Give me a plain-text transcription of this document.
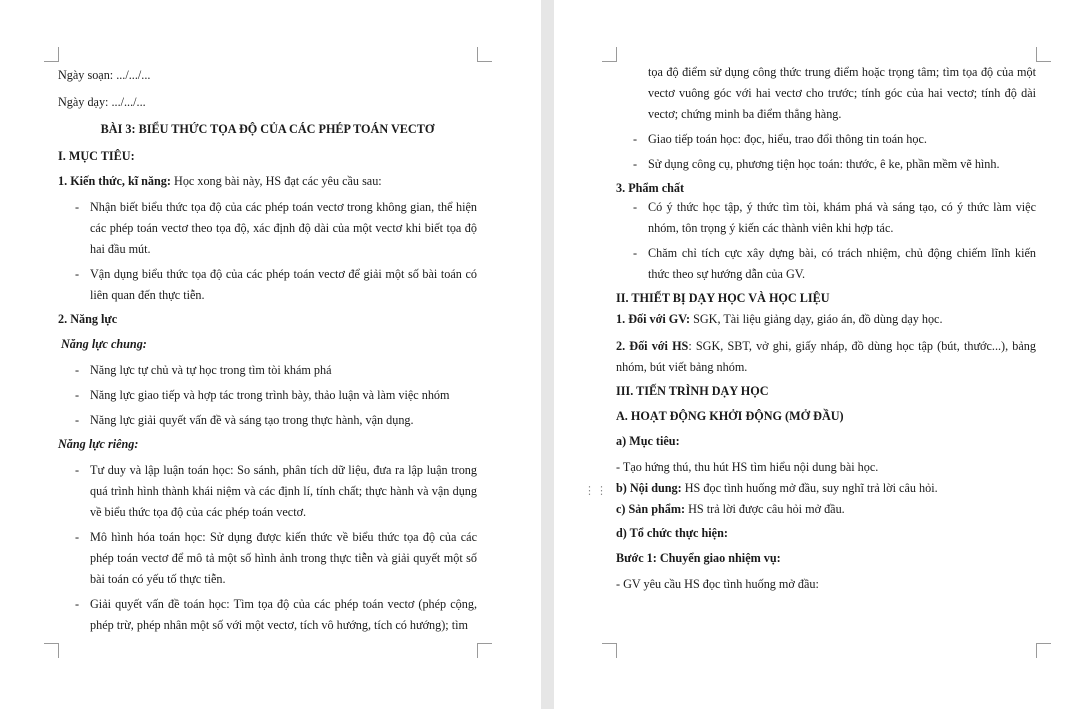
Ngày soạn: .../.../...

Ngày dạy: .../.../...

BÀI 3: BIỂU THỨC TỌA ĐỘ CỦA CÁC PHÉP TOÁN VECTƠ

I. MỤC TIÊU:

1. Kiến thức, kĩ năng: Học xong bài này, HS đạt các yêu cầu sau:

- Nhận biết biểu thức tọa độ của các phép toán vectơ trong không gian, thể hiện các phép toán vectơ theo tọa độ, xác định độ dài của một vectơ khi biết tọa độ hai đầu mút.
- Vận dụng biểu thức tọa độ của các phép toán vectơ để giải một số bài toán có liên quan đến thực tiễn.

2. Năng lực

Năng lực chung:

- Năng lực tự chủ và tự học trong tìm tòi khám phá
- Năng lực giao tiếp và hợp tác trong trình bày, thảo luận và làm việc nhóm
- Năng lực giải quyết vấn đề và sáng tạo trong thực hành, vận dụng.

Năng lực riêng:

- Tư duy và lập luận toán học: So sánh, phân tích dữ liệu, đưa ra lập luận trong quá trình hình thành khái niệm và các định lí, tính chất; thực hành và vận dụng về biểu thức tọa độ của các phép toán vectơ.
- Mô hình hóa toán học: Sử dụng được kiến thức về biểu thức tọa độ của các phép toán vectơ để mô tả một số hình ảnh trong thực tiễn và giải quyết một số bài toán có yếu tố thực tiễn.
- Giải quyết vấn đề toán học: Tìm tọa độ của các phép toán vectơ (phép cộng, phép trừ, phép nhân một số với một vectơ, tích vô hướng, tích có hướng); tìm
⋮⋮

tọa độ điểm sử dụng công thức trung điểm hoặc trọng tâm; tìm tọa độ của một vectơ vuông góc với hai vectơ cho trước; tính góc của hai vectơ; tính độ dài vectơ; chứng minh ba điểm thẳng hàng.

- Giao tiếp toán học: đọc, hiểu, trao đổi thông tin toán học.
- Sử dụng công cụ, phương tiện học toán: thước, ê ke, phần mềm vẽ hình.

3. Phẩm chất

- Có ý thức học tập, ý thức tìm tòi, khám phá và sáng tạo, có ý thức làm việc nhóm, tôn trọng ý kiến các thành viên khi hợp tác.
- Chăm chỉ tích cực xây dựng bài, có trách nhiệm, chủ động chiếm lĩnh kiến thức theo sự hướng dẫn của GV.

II. THIẾT BỊ DẠY HỌC VÀ HỌC LIỆU

1. Đối với GV: SGK, Tài liệu giảng dạy, giáo án, đồ dùng dạy học.

2. Đối với HS: SGK, SBT, vở ghi, giấy nháp, đồ dùng học tập (bút, thước...), bảng nhóm, bút viết bảng nhóm.

III. TIẾN TRÌNH DẠY HỌC

A. HOẠT ĐỘNG KHỞI ĐỘNG (MỞ ĐẦU)

a) Mục tiêu:

- Tạo hứng thú, thu hút HS tìm hiểu nội dung bài học.

b) Nội dung: HS đọc tình huống mở đầu, suy nghĩ trả lời câu hỏi.

c) Sản phẩm: HS trả lời được câu hỏi mở đầu.

d) Tổ chức thực hiện:

Bước 1: Chuyển giao nhiệm vụ:

- GV yêu cầu HS đọc tình huống mở đầu:
